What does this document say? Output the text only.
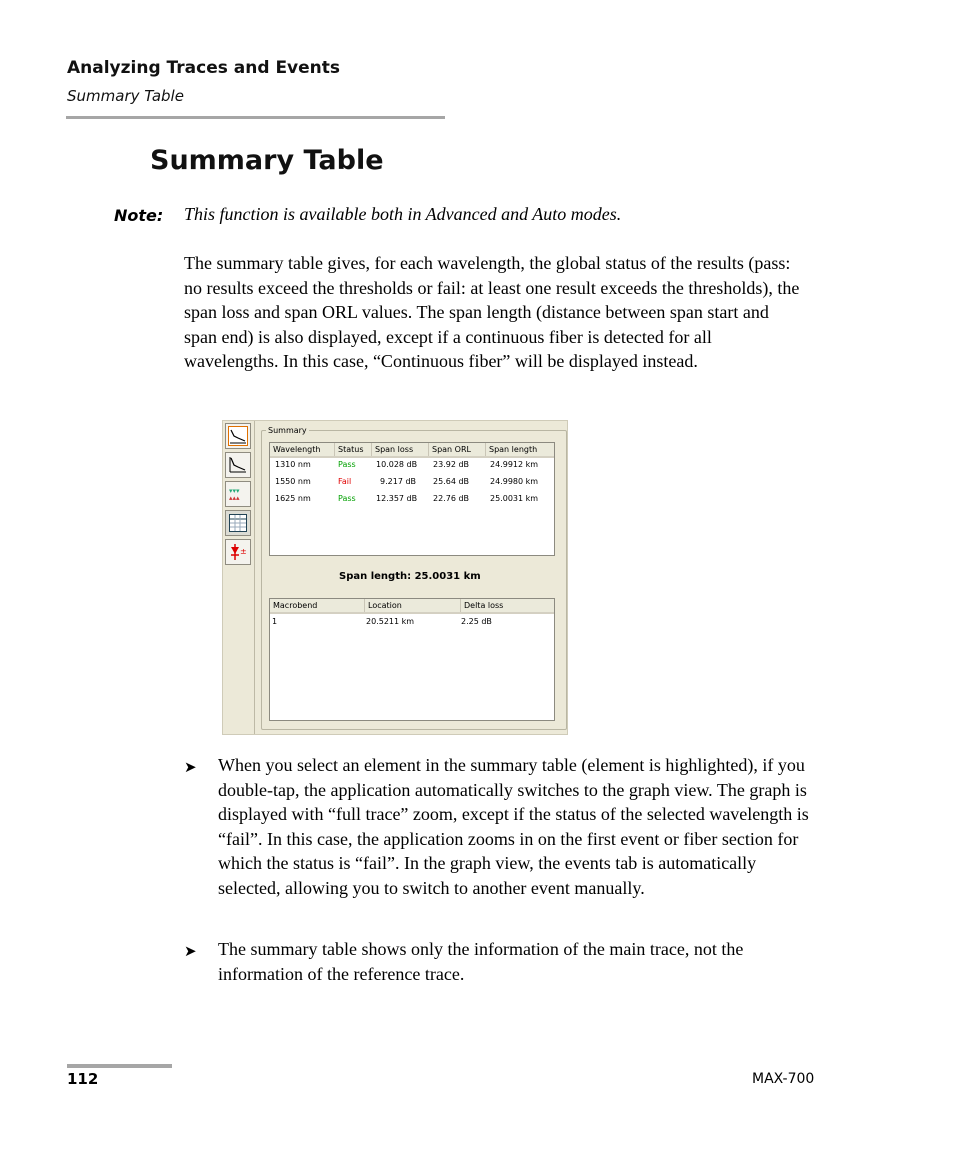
Analyzing Traces and Events
Summary Table
Summary Table
Note: This function is available both in Advanced and Auto modes.
The summary table gives, for each wavelength, the global status of the results (pass: no results exceed the thresholds or fail: at least one result exceeds the thresholds), the span loss and span ORL values. The span length (distance between span start and span end) is also displayed, except if a continuous fiber is detected for all wavelengths. In this case, “Continuous fiber” will be displayed instead.
▾▾▾
▴▴▴
±
Summary
Wavelength	Status	Span loss	Span ORL	Span length
1310 nm	Pass	10.028 dB 23.92 dB	24.9912 km
1550 nm	Fail	9.217 dB 25.64 dB	24.9980 km
1625 nm	Pass	12.357 dB 22.76 dB	25.0031 km
Span length: 25.0031 km
Macrobend	Location	Delta loss
1	20.5211 km	2.25 dB
➤ When you select an element in the summary table (element is highlighted), if you double-tap, the application automatically switches to the graph view. The graph is displayed with “full trace” zoom, except if the status of the selected wavelength is “fail”. In this case, the application zooms in on the first event or fiber section for which the status is “fail”. In the graph view, the events tab is automatically selected, allowing you to switch to another event manually.
➤ The summary table shows only the information of the main trace, not the information of the reference trace.
112	MAX-700
